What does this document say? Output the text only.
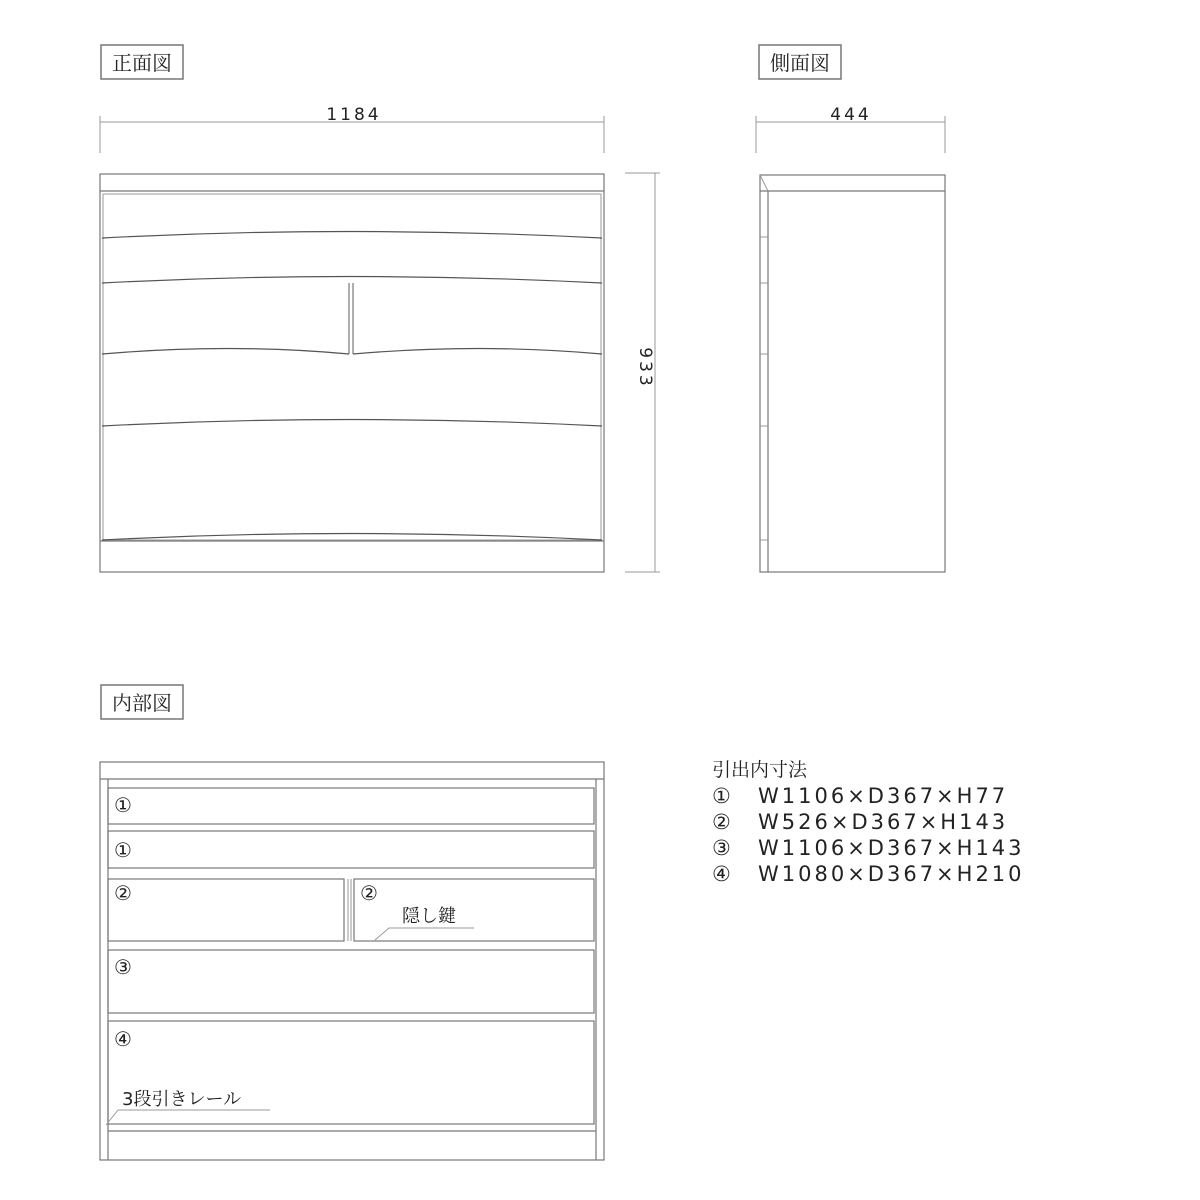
正面図	側面図
内部図
1184	444
933
①
①
②	②
③
④
隠し鍵
3段引きレール
引出内寸法
① W1106×D367×H77
② W526×D367×H143
③ W1106×D367×H143
④ W1080×D367×H210
